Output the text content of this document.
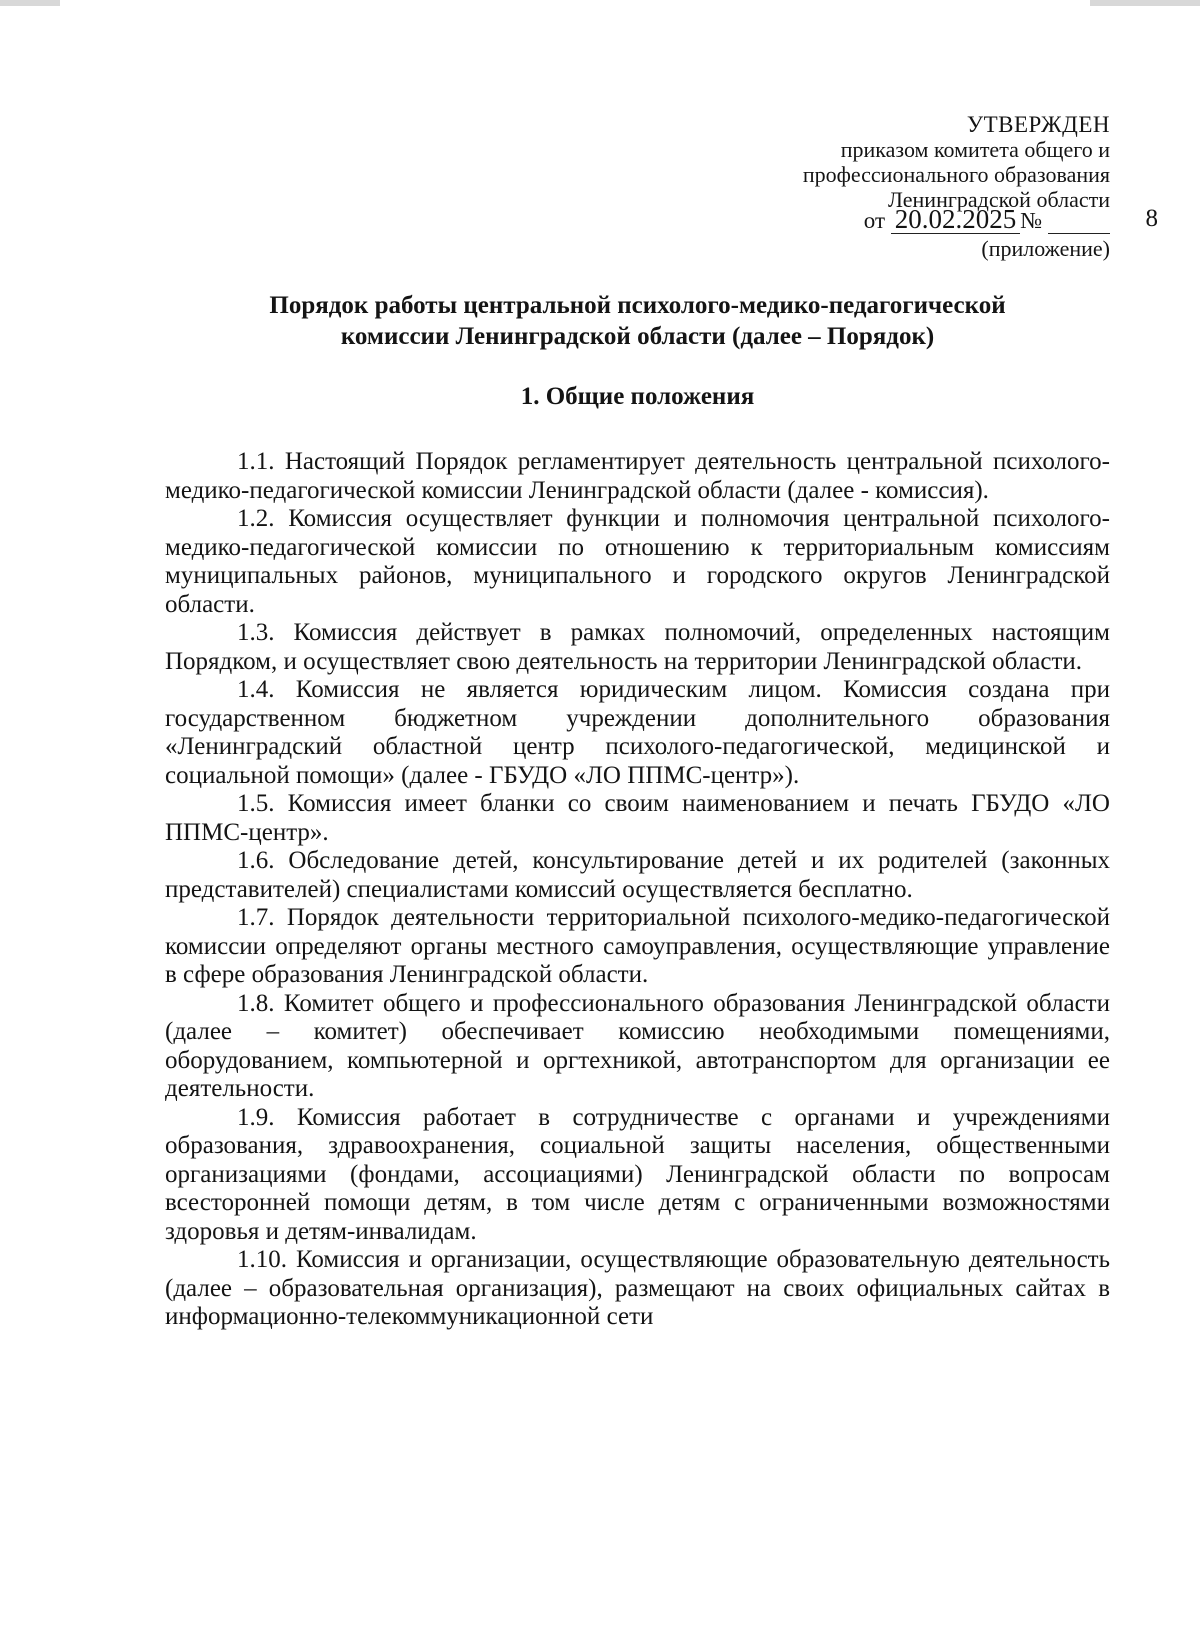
УТВЕРЖДЕН
приказом комитета общего и
профессионального образования
Ленинградской области
от 20.02.2025 №	8
(приложение)
Порядок работы центральной психолого-медико-педагогической
комиссии Ленинградской области (далее – Порядок)
1. Общие положения

1.1. Настоящий Порядок регламентирует деятельность центральной психолого-медико-педагогической комиссии Ленинградской области (далее - комиссия).

1.2. Комиссия осуществляет функции и полномочия центральной психолого-медико-педагогической комиссии по отношению к территориальным комиссиям муниципальных районов, муниципального и городского округов Ленинградской области.

1.3. Комиссия действует в рамках полномочий, определенных настоящим Порядком, и осуществляет свою деятельность на территории Ленинградской области.

1.4. Комиссия не является юридическим лицом. Комиссия создана при государственном бюджетном учреждении дополнительного образования «Ленинградский областной центр психолого-педагогической, медицинской и социальной помощи» (далее - ГБУДО «ЛО ППМС-центр»).

1.5. Комиссия имеет бланки со своим наименованием и печать ГБУДО «ЛО ППМС-центр».

1.6. Обследование детей, консультирование детей и их родителей (законных представителей) специалистами комиссий осуществляется бесплатно.

1.7. Порядок деятельности территориальной психолого-медико-педагогической комиссии определяют органы местного самоуправления, осуществляющие управление в сфере образования Ленинградской области.

1.8. Комитет общего и профессионального образования Ленинградской области (далее – комитет) обеспечивает комиссию необходимыми помещениями, оборудованием, компьютерной и оргтехникой, автотранспортом для организации ее деятельности.

1.9. Комиссия работает в сотрудничестве с органами и учреждениями образования, здравоохранения, социальной защиты населения, общественными организациями (фондами, ассоциациями) Ленинградской области по вопросам всесторонней помощи детям, в том числе детям с ограниченными возможностями здоровья и детям-инвалидам.

1.10. Комиссия и организации, осуществляющие образовательную деятельность (далее – образовательная организация), размещают на своих официальных сайтах в информационно-телекоммуникационной сети
